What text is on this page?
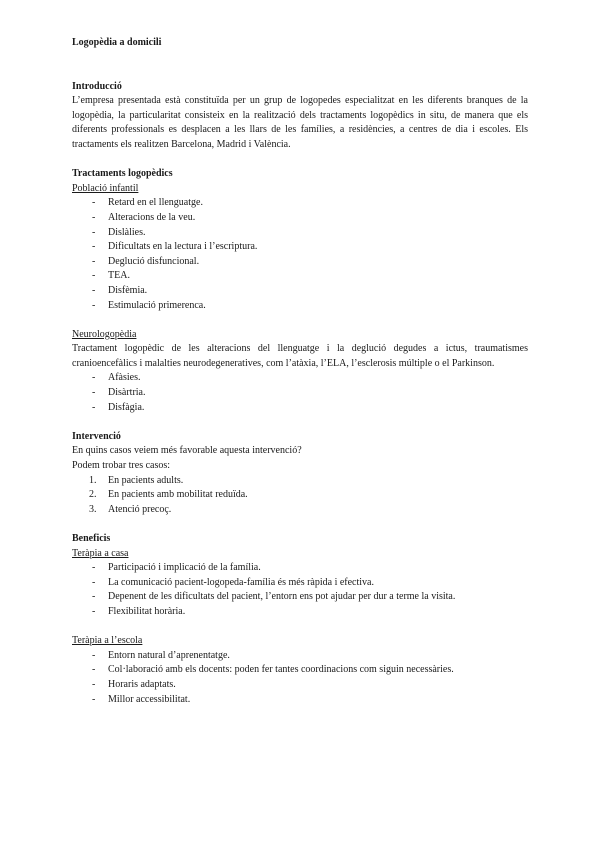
Logopèdia a domicili

Introducció

L’empresa presentada està constituïda per un grup de logopedes especialitzat en les diferents branques de la logopèdia, la particularitat consisteix en la realització dels tractaments logopèdics in situ, de manera que els diferents professionals es desplacen a les llars de les famílies, a residències, a centres de dia i escoles. Els tractaments els realitzen Barcelona, Madrid i València.

Tractaments logopèdics

Població infantil

- Retard en el llenguatge.
- Alteracions de la veu.
- Dislàlies.
- Dificultats en la lectura i l’escriptura.
- Deglució disfuncional.
- TEA.
- Disfèmia.
- Estimulació primerenca.

Neurologopèdia

Tractament logopèdic de les alteracions del llenguatge i la deglució degudes a ictus, traumatismes cranioencefàlics i malalties neurodegeneratives, com l’atàxia, l’ELA, l’esclerosis múltiple o el Parkinson.

- Afàsies.
- Disàrtria.
- Disfàgia.

Intervenció

En quins casos veiem més favorable aquesta intervenció?

Podem trobar tres casos:

1. En pacients adults.
2. En pacients amb mobilitat reduïda.
3. Atenció precoç.

Beneficis

Teràpia a casa

- Participació i implicació de la família.
- La comunicació pacient-logopeda-família és més ràpida i efectiva.
- Depenent de les dificultats del pacient, l’entorn ens pot ajudar per dur a terme la visita.
- Flexibilitat horària.

Teràpia a l’escola

- Entorn natural d’aprenentatge.
- Col·laboració amb els docents: poden fer tantes coordinacions com siguin necessàries.
- Horaris adaptats.
- Millor accessibilitat.
